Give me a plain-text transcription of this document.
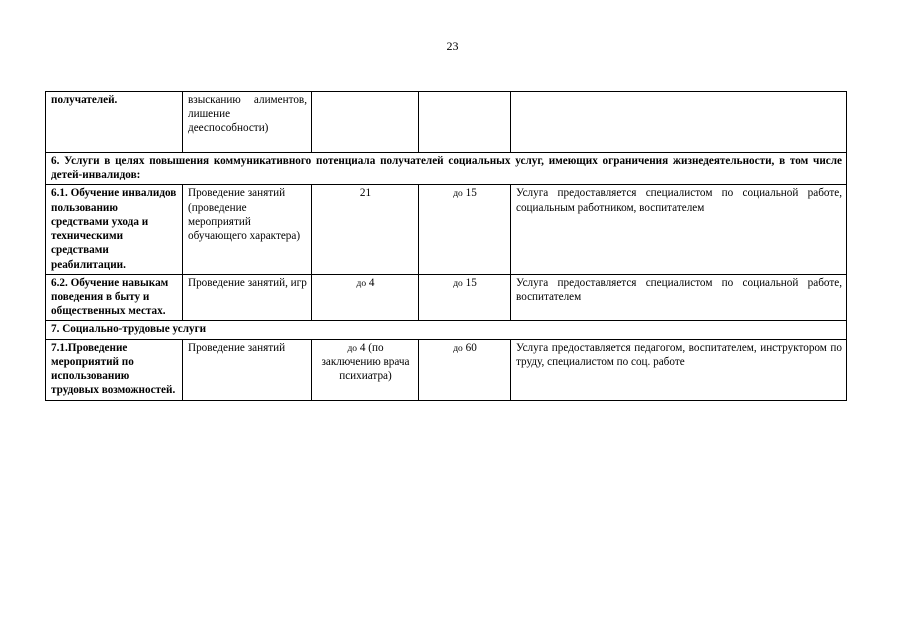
23
получателей.	взысканию алиментов, лишение дееспособности)			
6. Услуги в целях повышения коммуникативного потенциала получателей социальных услуг, имеющих ограничения жизнедеятельности, в том числе детей-инвалидов:				
6.1. Обучение инвалидов пользованию средствами ухода и техническими средствами реабилитации.	Проведение занятий (проведение мероприятий обучающего характера)	21	до 15	Услуга предоставляется специалистом по социальной работе, социальным работником, воспитателем
6.2. Обучение навыкам поведения в быту и общественных местах.	Проведение занятий, игр	до 4	до 15	Услуга предоставляется специалистом по социальной работе, воспитателем
7. Социально-трудовые услуги				
7.1.Проведение мероприятий по использованию трудовых возможностей.	Проведение занятий	до 4 (по заключению врача психиатра)	до 60	Услуга предоставляется педагогом, воспитателем, инструктором по труду, специалистом по соц. работе
